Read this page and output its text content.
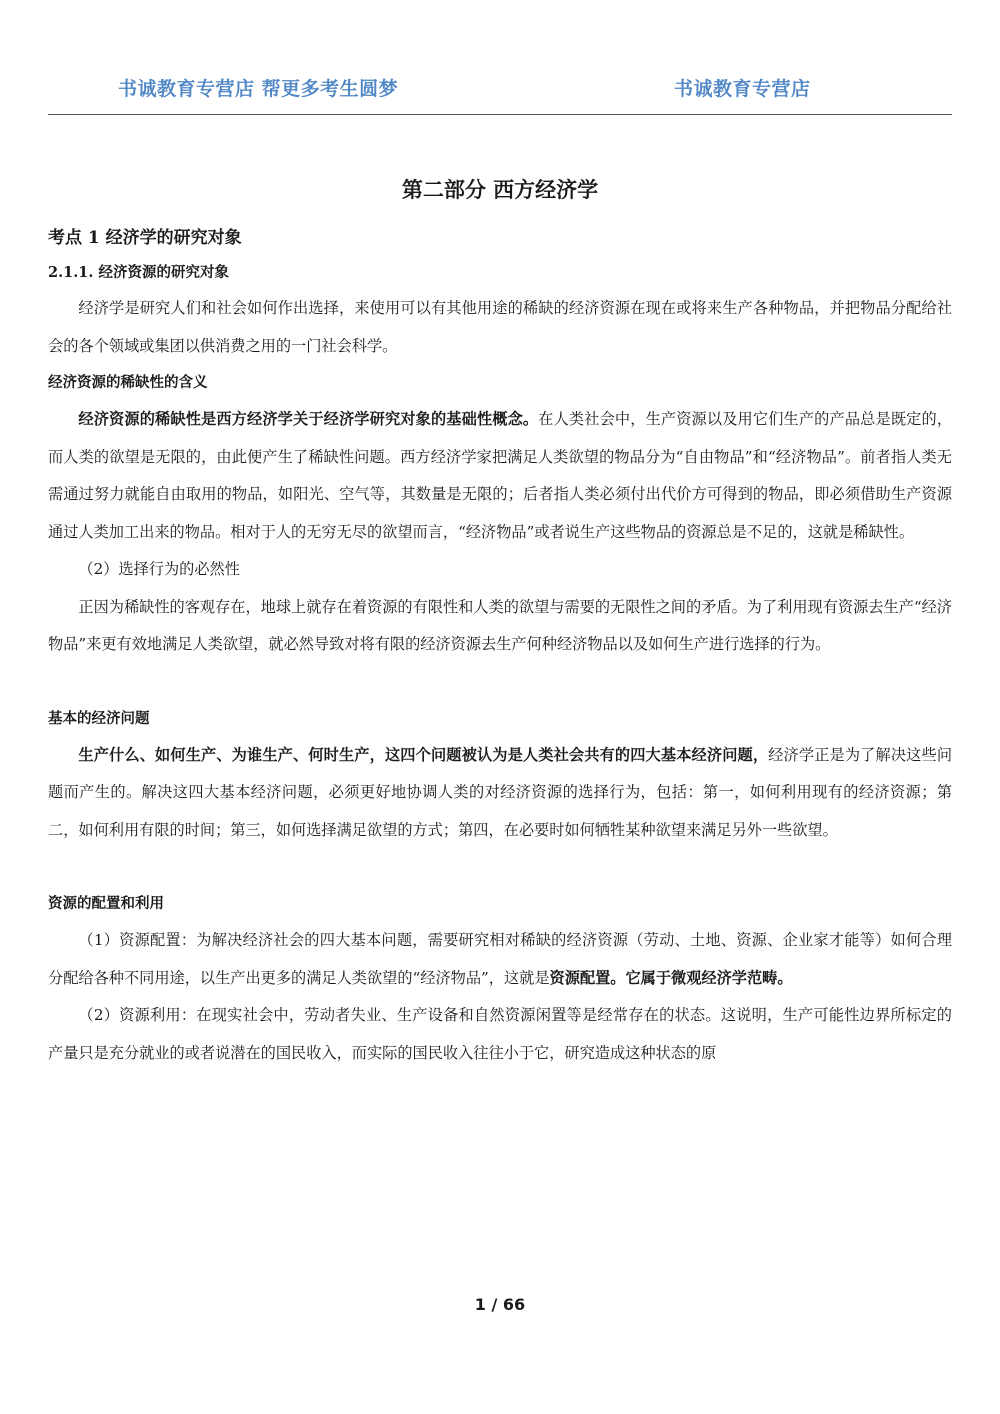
书诚教育专营店 帮更多考生圆梦	书诚教育专营店
第二部分 西方经济学
考点 1 经济学的研究对象
2.1.1. 经济资源的研究对象

经济学是研究人们和社会如何作出选择，来使用可以有其他用途的稀缺的经济资源在现在或将来生产各种物品，并把物品分配给社会的各个领域或集团以供消费之用的一门社会科学。

经济资源的稀缺性的含义

经济资源的稀缺性是西方经济学关于经济学研究对象的基础性概念。在人类社会中，生产资源以及用它们生产的产品总是既定的，而人类的欲望是无限的，由此便产生了稀缺性问题。西方经济学家把满足人类欲望的物品分为“自由物品”和“经济物品”。前者指人类无需通过努力就能自由取用的物品，如阳光、空气等，其数量是无限的；后者指人类必须付出代价方可得到的物品，即必须借助生产资源通过人类加工出来的物品。相对于人的无穷无尽的欲望而言，“经济物品”或者说生产这些物品的资源总是不足的，这就是稀缺性。

（2）选择行为的必然性

正因为稀缺性的客观存在，地球上就存在着资源的有限性和人类的欲望与需要的无限性之间的矛盾。为了利用现有资源去生产“经济物品”来更有效地满足人类欲望，就必然导致对将有限的经济资源去生产何种经济物品以及如何生产进行选择的行为。

基本的经济问题

生产什么、如何生产、为谁生产、何时生产，这四个问题被认为是人类社会共有的四大基本经济问题，经济学正是为了解决这些问题而产生的。解决这四大基本经济问题，必须更好地协调人类的对经济资源的选择行为，包括：第一，如何利用现有的经济资源；第二，如何利用有限的时间；第三，如何选择满足欲望的方式；第四，在必要时如何牺牲某种欲望来满足另外一些欲望。

资源的配置和利用

（1）资源配置：为解决经济社会的四大基本问题，需要研究相对稀缺的经济资源（劳动、土地、资源、企业家才能等）如何合理分配给各种不同用途，以生产出更多的满足人类欲望的“经济物品”，这就是资源配置。它属于微观经济学范畴。

（2）资源利用：在现实社会中，劳动者失业、生产设备和自然资源闲置等是经常存在的状态。这说明，生产可能性边界所标定的产量只是充分就业的或者说潜在的国民收入，而实际的国民收入往往小于它，研究造成这种状态的原

1 / 66
